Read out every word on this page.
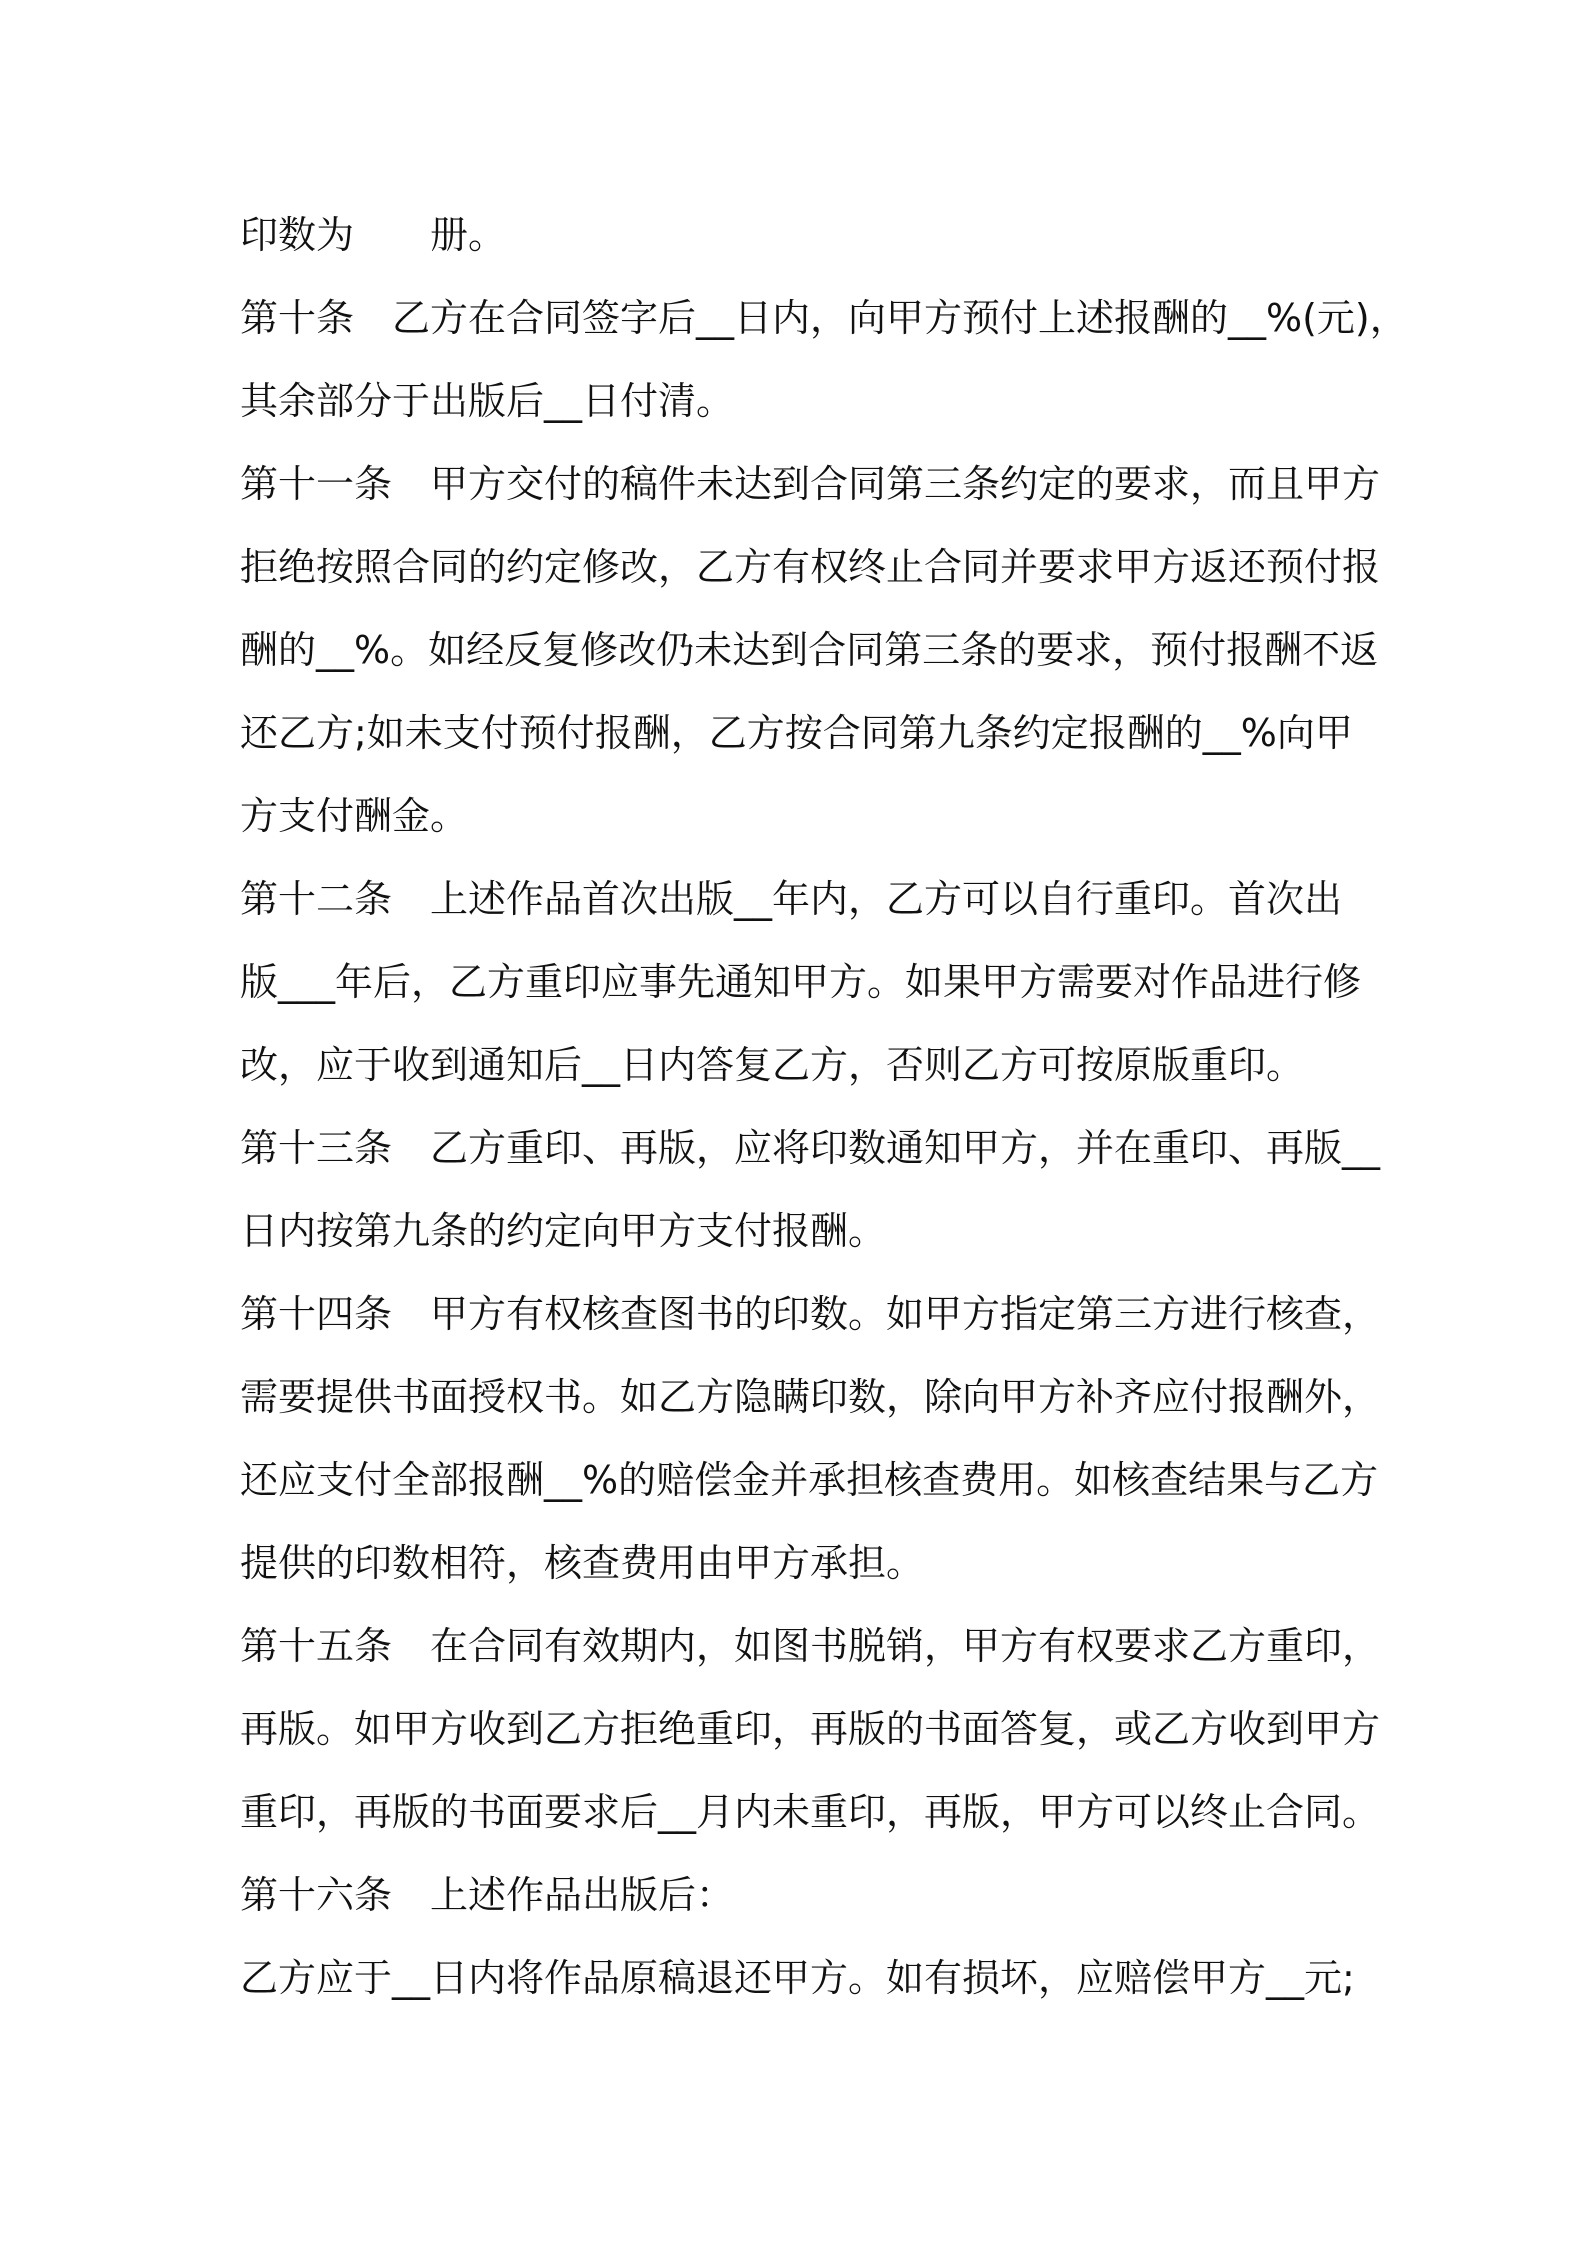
印数为　　册。
第十条　乙方在合同签字后__日内，向甲方预付上述报酬的__%(元)，
其余部分于出版后__日付清。
第十一条　甲方交付的稿件未达到合同第三条约定的要求，而且甲方
拒绝按照合同的约定修改，乙方有权终止合同并要求甲方返还预付报
酬的__%。如经反复修改仍未达到合同第三条的要求，预付报酬不返
还乙方;如未支付预付报酬，乙方按合同第九条约定报酬的__%向甲
方支付酬金。
第十二条　上述作品首次出版__年内，乙方可以自行重印。首次出
版___年后，乙方重印应事先通知甲方。如果甲方需要对作品进行修
改，应于收到通知后__日内答复乙方，否则乙方可按原版重印。
第十三条　乙方重印、再版，应将印数通知甲方，并在重印、再版__
日内按第九条的约定向甲方支付报酬。
第十四条　甲方有权核查图书的印数。如甲方指定第三方进行核查，
需要提供书面授权书。如乙方隐瞒印数，除向甲方补齐应付报酬外，
还应支付全部报酬__%的赔偿金并承担核查费用。如核查结果与乙方
提供的印数相符，核查费用由甲方承担。
第十五条　在合同有效期内，如图书脱销，甲方有权要求乙方重印，
再版。如甲方收到乙方拒绝重印，再版的书面答复，或乙方收到甲方
重印，再版的书面要求后__月内未重印，再版，甲方可以终止合同。
第十六条　上述作品出版后：
乙方应于__日内将作品原稿退还甲方。如有损坏，应赔偿甲方__元;
